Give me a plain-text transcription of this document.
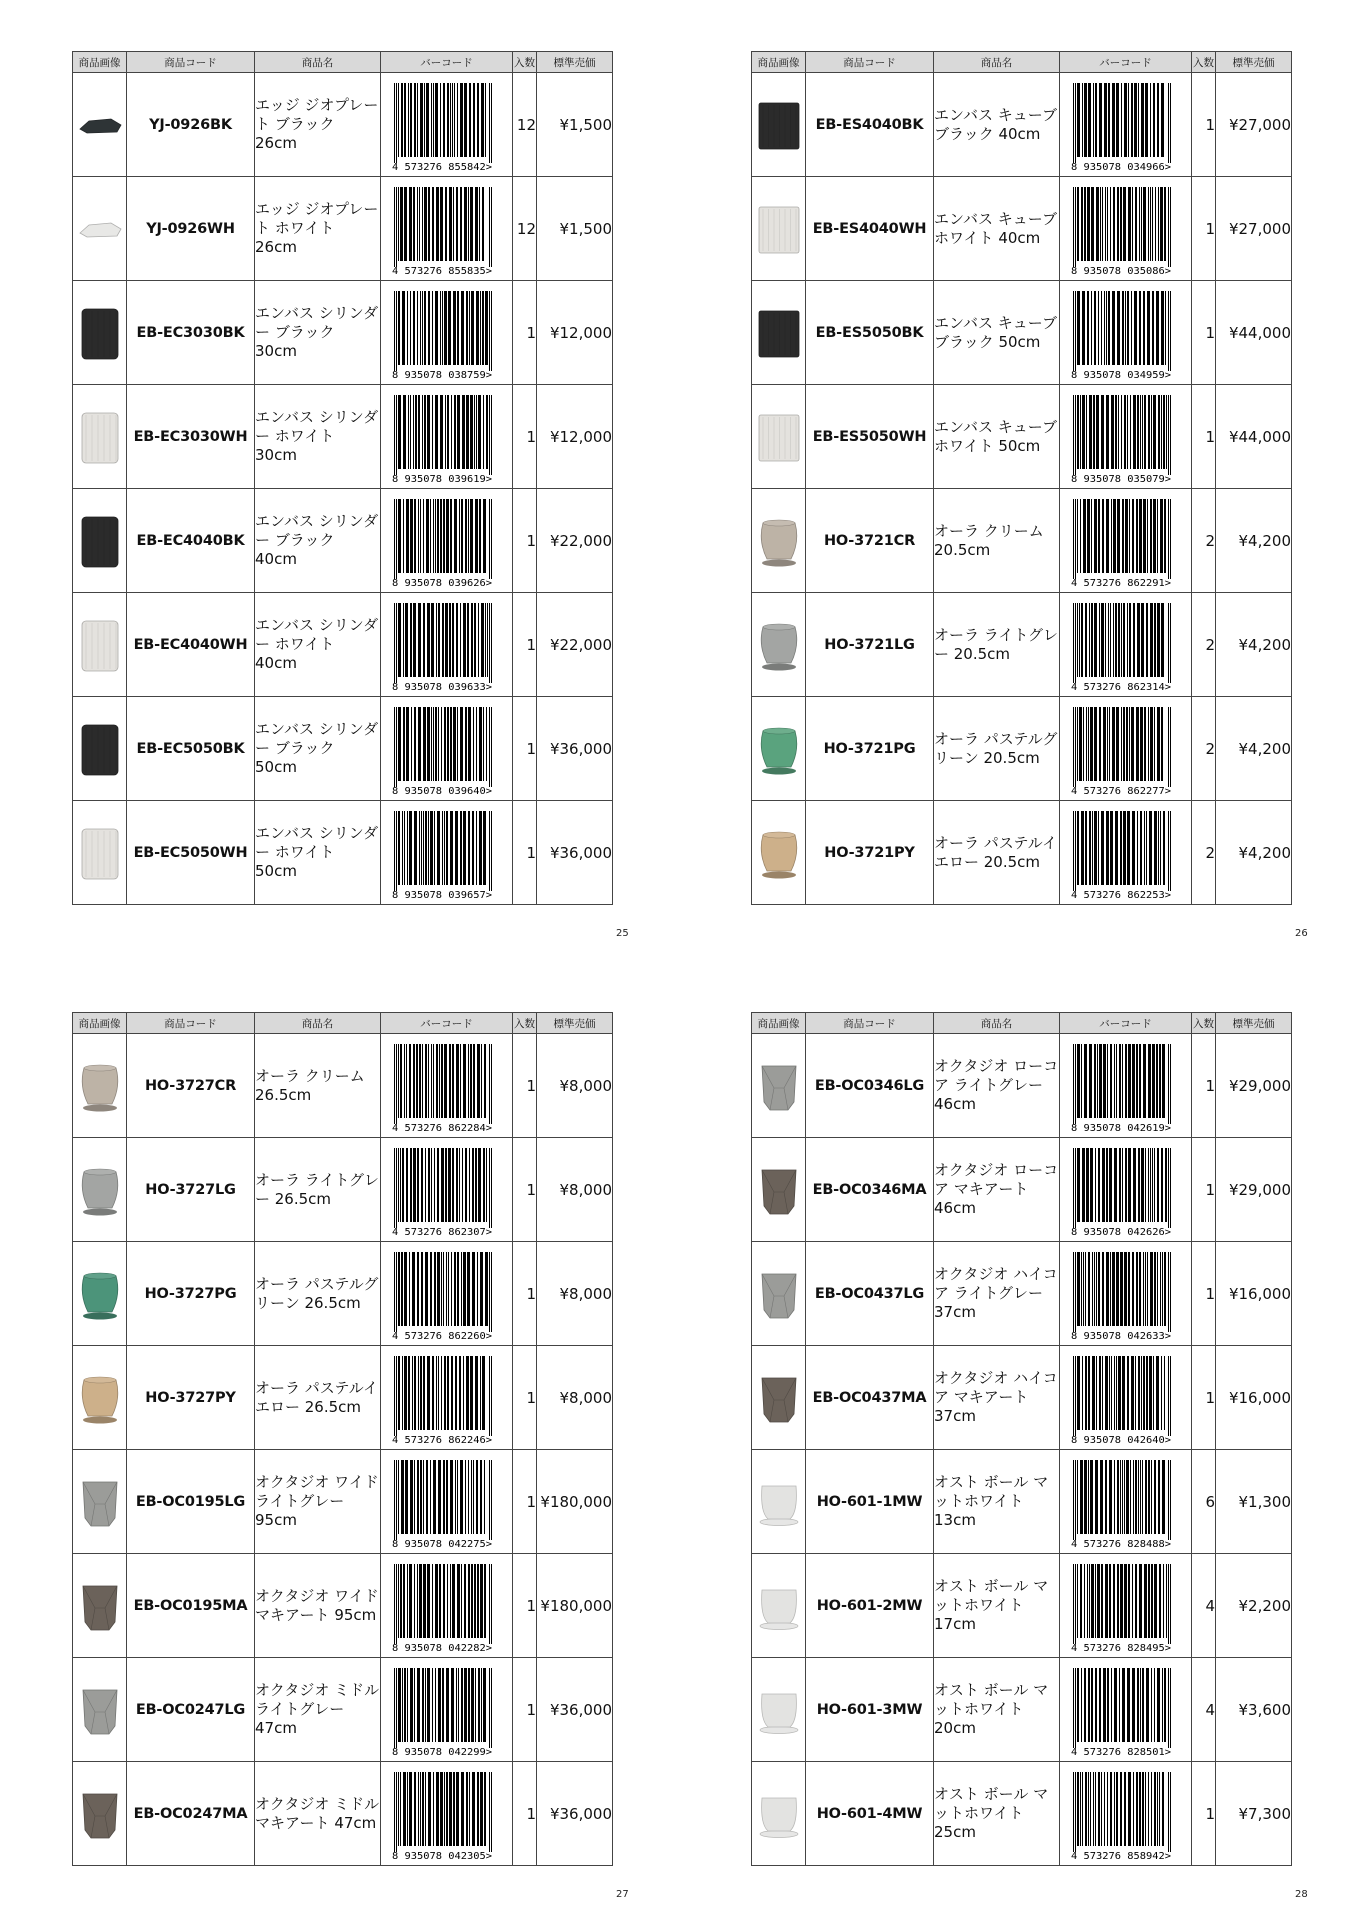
商品画像	商品コード	商品名	バーコード	入数	標準売価

	YJ-0926BK	エッジ ジオプレート ブラック 26cm	4 573276 855842>	12	¥1,500

	YJ-0926WH	エッジ ジオプレート ホワイト 26cm	4 573276 855835>	12	¥1,500

	EB-EC3030BK	エンバス シリンダー ブラック 30cm	8 935078 038759>	1	¥12,000

	EB-EC3030WH	エンバス シリンダー ホワイト 30cm	8 935078 039619>	1	¥12,000

	EB-EC4040BK	エンバス シリンダー ブラック 40cm	8 935078 039626>	1	¥22,000

	EB-EC4040WH	エンバス シリンダー ホワイト 40cm	8 935078 039633>	1	¥22,000

	EB-EC5050BK	エンバス シリンダー ブラック 50cm	8 935078 039640>	1	¥36,000

	EB-EC5050WH	エンバス シリンダー ホワイト 50cm	8 935078 039657>	1	¥36,000
25
商品画像	商品コード	商品名	バーコード	入数	標準売価

	EB-ES4040BK	エンバス キューブ ブラック 40cm	8 935078 034966>	1	¥27,000

	EB-ES4040WH	エンバス キューブ ホワイト 40cm	8 935078 035086>	1	¥27,000

	EB-ES5050BK	エンバス キューブ ブラック 50cm	8 935078 034959>	1	¥44,000

	EB-ES5050WH	エンバス キューブ ホワイト 50cm	8 935078 035079>	1	¥44,000

	HO-3721CR	オーラ クリーム 20.5cm	4 573276 862291>	2	¥4,200

	HO-3721LG	オーラ ライトグレー 20.5cm	4 573276 862314>	2	¥4,200

	HO-3721PG	オーラ パステルグリーン 20.5cm	4 573276 862277>	2	¥4,200

	HO-3721PY	オーラ パステルイエロー 20.5cm	4 573276 862253>	2	¥4,200
26
商品画像	商品コード	商品名	バーコード	入数	標準売価

	HO-3727CR	オーラ クリーム 26.5cm	4 573276 862284>	1	¥8,000

	HO-3727LG	オーラ ライトグレー 26.5cm	4 573276 862307>	1	¥8,000

	HO-3727PG	オーラ パステルグリーン 26.5cm	4 573276 862260>	1	¥8,000

	HO-3727PY	オーラ パステルイエロー 26.5cm	4 573276 862246>	1	¥8,000

	EB-OC0195LG	オクタジオ ワイド ライトグレー 95cm	8 935078 042275>	1	¥180,000

	EB-OC0195MA	オクタジオ ワイド マキアート 95cm	8 935078 042282>	1	¥180,000

	EB-OC0247LG	オクタジオ ミドル ライトグレー 47cm	8 935078 042299>	1	¥36,000

	EB-OC0247MA	オクタジオ ミドル マキアート 47cm	8 935078 042305>	1	¥36,000
27
商品画像	商品コード	商品名	バーコード	入数	標準売価

	EB-OC0346LG	オクタジオ ローコア ライトグレー 46cm	8 935078 042619>	1	¥29,000

	EB-OC0346MA	オクタジオ ローコア マキアート 46cm	8 935078 042626>	1	¥29,000

	EB-OC0437LG	オクタジオ ハイコア ライトグレー 37cm	8 935078 042633>	1	¥16,000

	EB-OC0437MA	オクタジオ ハイコア マキアート 37cm	8 935078 042640>	1	¥16,000

	HO-601-1MW	オスト ボール マットホワイト 13cm	4 573276 828488>	6	¥1,300

	HO-601-2MW	オスト ボール マットホワイト 17cm	4 573276 828495>	4	¥2,200

	HO-601-3MW	オスト ボール マットホワイト 20cm	4 573276 828501>	4	¥3,600

	HO-601-4MW	オスト ボール マットホワイト 25cm	4 573276 858942>	1	¥7,300
28
